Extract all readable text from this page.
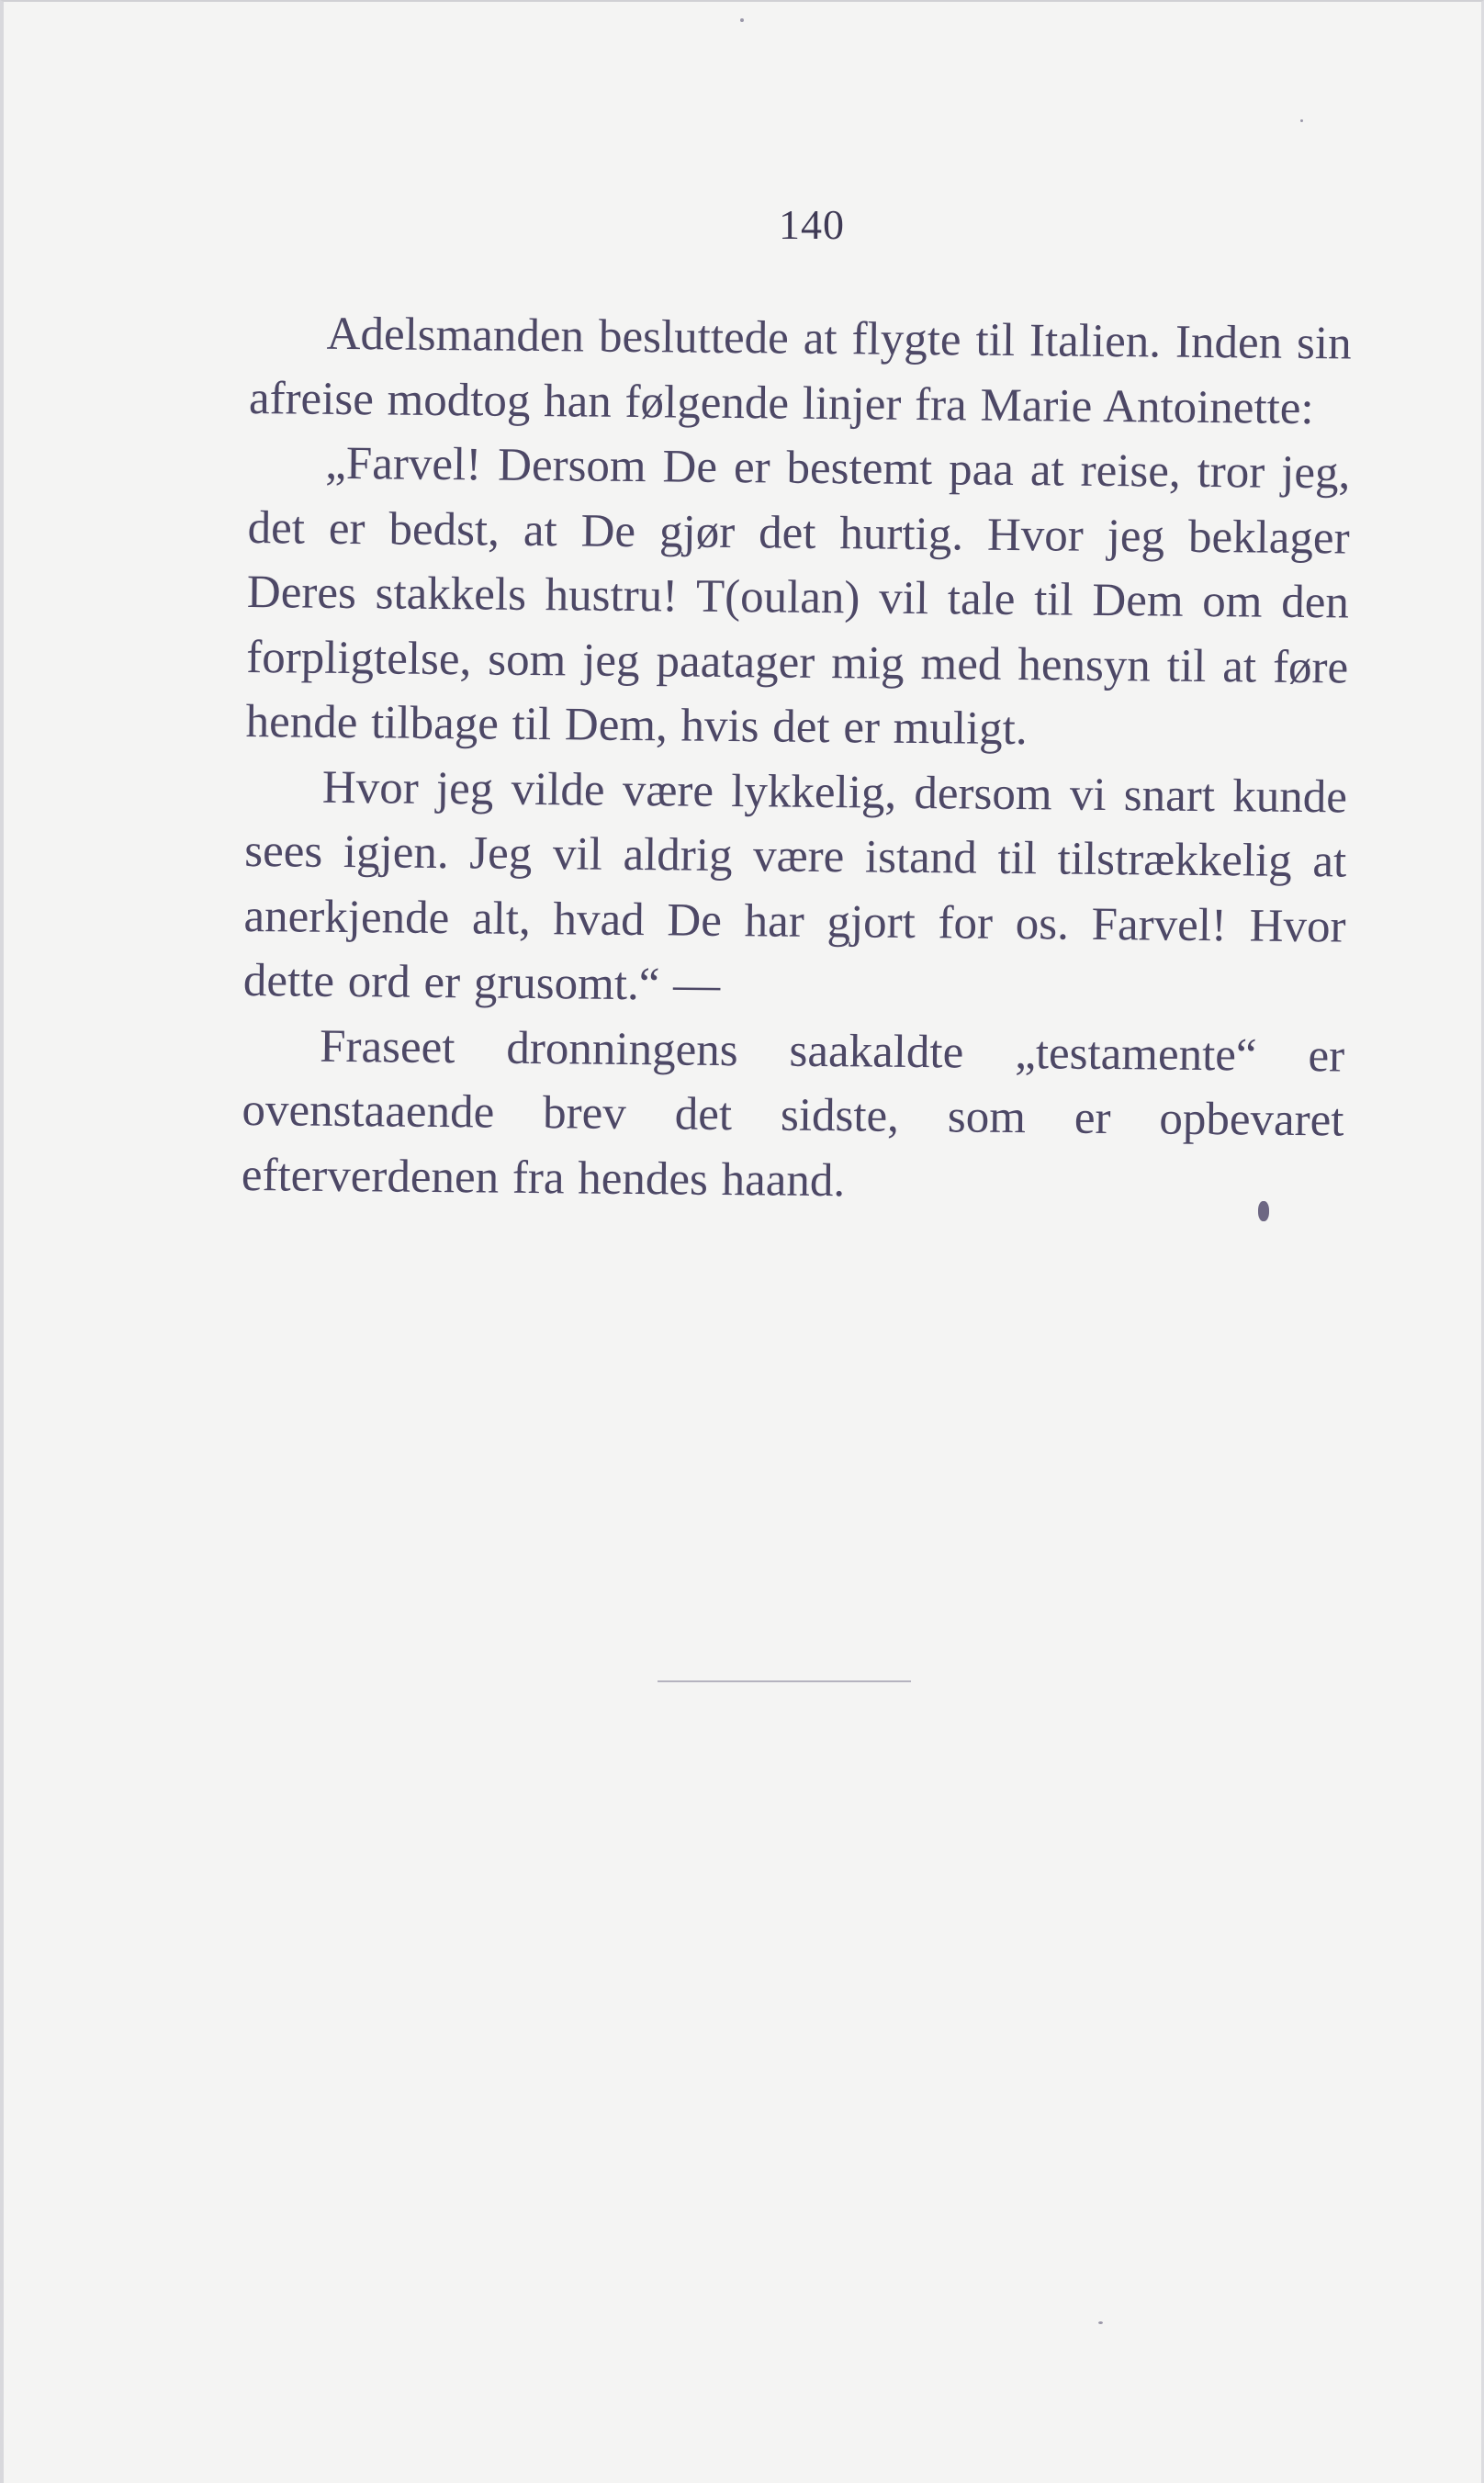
140

Adelsmanden besluttede at flygte til Italien. Inden sin afreise modtog han følgende linjer fra Marie Antoinette:

„Farvel! Dersom De er bestemt paa at reise, tror jeg, det er bedst, at De gjør det hurtig. Hvor jeg beklager Deres stakkels hustru! T(oulan) vil tale til Dem om den forpligtelse, som jeg paatager mig med hensyn til at føre hende tilbage til Dem, hvis det er muligt.

Hvor jeg vilde være lykkelig, dersom vi snart kunde sees igjen. Jeg vil aldrig være istand til tilstrækkelig at anerkjende alt, hvad De har gjort for os. Farvel! Hvor dette ord er grusomt.“ —

Fraseet dronningens saakaldte „testamente“ er ovenstaaende brev det sidste, som er opbevaret efterverdenen fra hendes haand.
